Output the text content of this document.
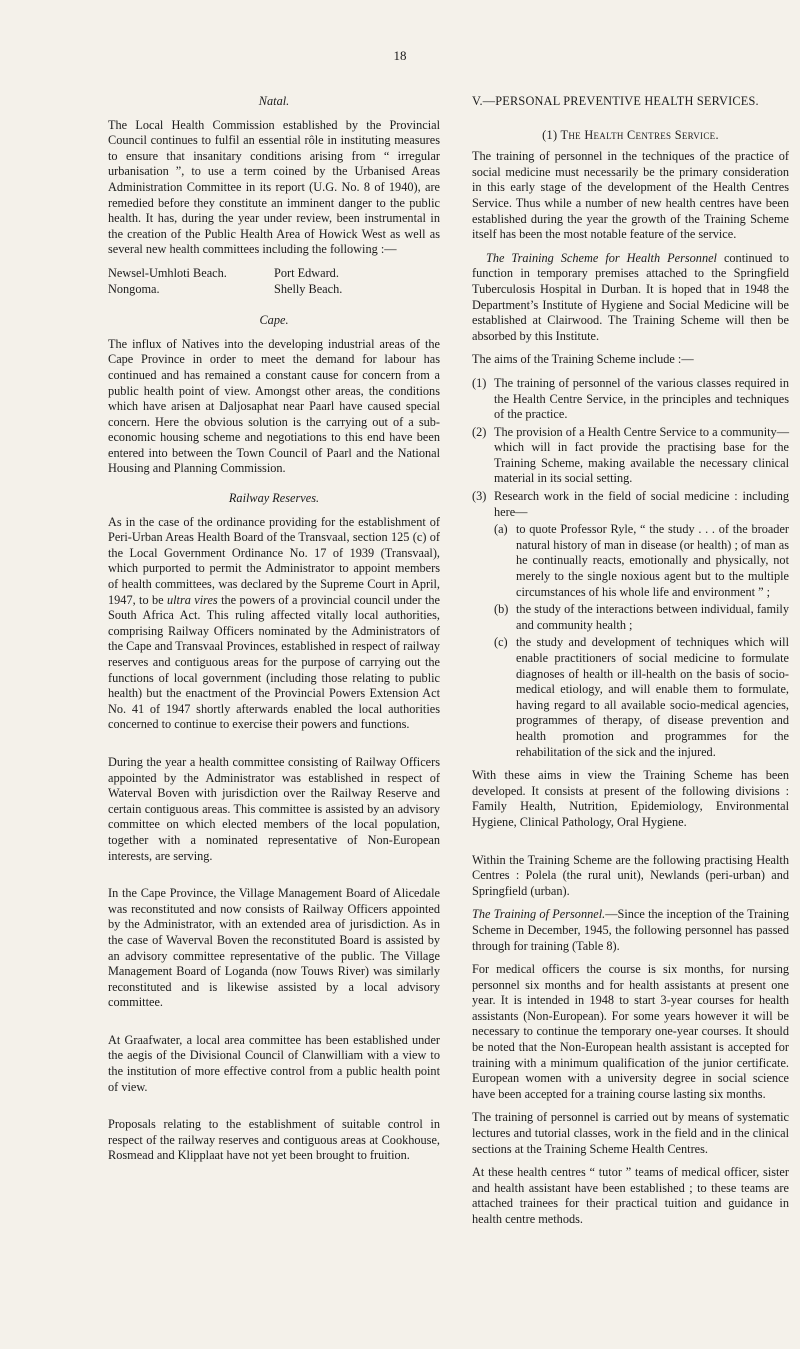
18
Natal.

The Local Health Commission established by the Provincial Council continues to fulfil an essential rôle in instituting measures to ensure that insanitary conditions arising from “ irregular urbanisation ”, to use a term coined by the Urbanised Areas Administration Committee in its report (U.G. No. 8 of 1940), are remedied before they constitute an imminent danger to the public health. It has, during the year under review, been instrumental in the creation of the Public Health Area of Howick West as well as several new health committees including the following :—

Newsel-Umhloti Beach.	Port Edward.
Nongoma.	Shelly Beach.
Cape.

The influx of Natives into the developing industrial areas of the Cape Province in order to meet the demand for labour has continued and has remained a constant cause for concern from a public health point of view. Amongst other areas, the conditions which have arisen at Daljosaphat near Paarl have caused special concern. Here the obvious solution is the carrying out of a sub-economic housing scheme and negotiations to this end have been entered into between the Town Council of Paarl and the National Housing and Planning Commission.

Railway Reserves.

As in the case of the ordinance providing for the establishment of Peri-Urban Areas Health Board of the Transvaal, section 125 (c) of the Local Government Ordinance No. 17 of 1939 (Transvaal), which purported to permit the Administrator to appoint members of health committees, was declared by the Supreme Court in April, 1947, to be ultra vires the powers of a provincial council under the South Africa Act. This ruling affected vitally local authorities, comprising Railway Officers nominated by the Administrators of the Cape and Transvaal Provinces, established in respect of railway reserves and contiguous areas for the purpose of carrying out the functions of local government (including those relating to public health) but the enactment of the Provincial Powers Extension Act No. 41 of 1947 shortly afterwards enabled the local authorities concerned to continue to exercise their powers and functions.

During the year a health committee consisting of Railway Officers appointed by the Administrator was established in respect of Waterval Boven with jurisdiction over the Railway Reserve and certain contiguous areas. This committee is assisted by an advisory committee on which elected members of the local population, together with a nominated representative of Non-European interests, are serving.

In the Cape Province, the Village Management Board of Alicedale was reconstituted and now consists of Railway Officers appointed by the Administrator, with an extended area of jurisdiction. As in the case of Waverval Boven the reconstituted Board is assisted by an advisory committee representative of the public. The Village Management Board of Loganda (now Touws River) was similarly reconstituted and is likewise assisted by a local advisory committee.

At Graafwater, a local area committee has been established under the aegis of the Divisional Council of Clanwilliam with a view to the institution of more effective control from a public health point of view.

Proposals relating to the establishment of suitable control in respect of the railway reserves and contiguous areas at Cookhouse, Rosmead and Klipplaat have not yet been brought to fruition.

V.—PERSONAL PREVENTIVE HEALTH SERVICES.
(1) The Health Centres Service.

The training of personnel in the techniques of the practice of social medicine must necessarily be the primary consideration in this early stage of the development of the Health Centres Service. Thus while a number of new health centres have been established during the year the growth of the Training Scheme itself has been the most notable feature of the service.

The Training Scheme for Health Personnel continued to function in temporary premises attached to the Springfield Tuberculosis Hospital in Durban. It is hoped that in 1948 the Department’s Institute of Hygiene and Social Medicine will be established at Clairwood. The Training Scheme will then be absorbed by this Institute.

The aims of the Training Scheme include :—

(1) The training of personnel of the various classes required in the Health Centre Service, in the principles and techniques of the practice.
(2) The provision of a Health Centre Service to a community—which will in fact provide the practising base for the Training Scheme, making available the necessary clinical material in its social setting.
(3) Research work in the field of social medicine : including here—
(a) to quote Professor Ryle, “ the study . . . of the broader natural history of man in disease (or health) ; of man as he continually reacts, emotionally and physically, not merely to the single noxious agent but to the multiple circumstances of his whole life and environment ” ;
(b) the study of the interactions between individual, family and community health ;
(c) the study and development of techniques which will enable practitioners of social medicine to formulate diagnoses of health or ill-health on the basis of socio-medical etiology, and will enable them to formulate, having regard to all available socio-medical agencies, programmes of therapy, of disease prevention and health promotion and programmes for the rehabilitation of the sick and the injured.

With these aims in view the Training Scheme has been developed. It consists at present of the following divisions : Family Health, Nutrition, Epidemiology, Environmental Hygiene, Clinical Pathology, Oral Hygiene.

Within the Training Scheme are the following practising Health Centres : Polela (the rural unit), Newlands (peri-urban) and Springfield (urban).

The Training of Personnel.—Since the inception of the Training Scheme in December, 1945, the following personnel has passed through for training (Table 8).

For medical officers the course is six months, for nursing personnel six months and for health assistants at present one year. It is intended in 1948 to start 3-year courses for health assistants (Non-European). For some years however it will be necessary to continue the temporary one-year courses. It should be noted that the Non-European health assistant is accepted for training with a minimum qualification of the junior certificate. European women with a university degree in social science have been accepted for a training course lasting six months.

The training of personnel is carried out by means of systematic lectures and tutorial classes, work in the field and in the clinical sections at the Training Scheme Health Centres.

At these health centres “ tutor ” teams of medical officer, sister and health assistant have been established ; to these teams are attached trainees for their practical tuition and guidance in health centre methods.
